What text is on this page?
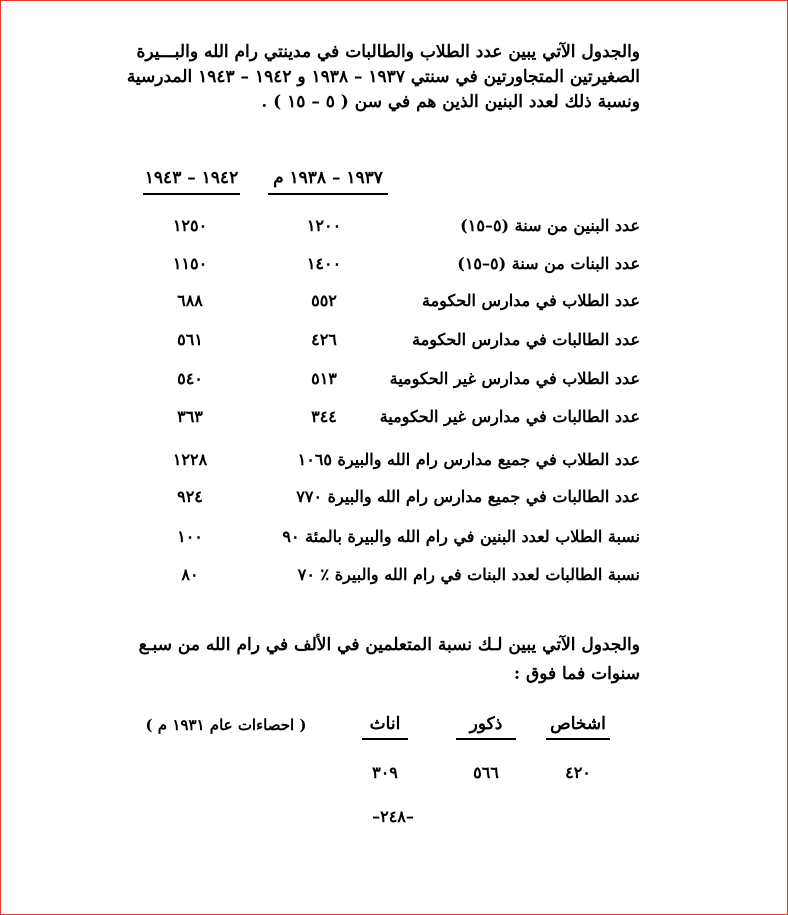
والجدول الآتي يبين عدد الطلاب والطالبات في مدينتي رام الله والبـــيرة
الصغيرتين المتجاورتين في سنتي ١٩٣٧ – ١٩٣٨ و ١٩٤٢ – ١٩٤٣ المدرسية
ونسبة ذلك لعدد البنين الذين هم في سن ( ٥ – ١٥ ) .
١٩٣٧ – ١٩٣٨ م
١٩٤٢ – ١٩٤٣
عدد البنين من سنة (٥–١٥)
١٢٠٠
١٢٥٠
عدد البنات من سنة (٥–١٥)
١٤٠٠
١١٥٠
عدد الطلاب في مدارس الحكومة
٥٥٢
٦٨٨
عدد الطالبات في مدارس الحكومة
٤٢٦
٥٦١
عدد الطلاب في مدارس غير الحكومية
٥١٣
٥٤٠
عدد الطالبات في مدارس غير الحكومية
٣٤٤
٣٦٣
عدد الطلاب في جميع مدارس رام الله والبيرة ١٠٦٥
١٢٢٨
عدد الطالبات في جميع مدارس رام الله والبيرة ٧٧٠
٩٢٤
نسبة الطلاب لعدد البنين في رام الله والبيرة بالمئة ٩٠
١٠٠
نسبة الطالبات لعدد البنات في رام الله والبيرة ٪ ٧٠
٨٠
والجدول الآتي يبين لـك نسبة المتعلمين في الألف في رام الله من سبـع
سنوات فما فوق :
اشخاص
ذكور
اناث
( احصاءات عام ١٩٣١ م )
٤٢٠
٥٦٦
٣٠٩
–٢٤٨–
